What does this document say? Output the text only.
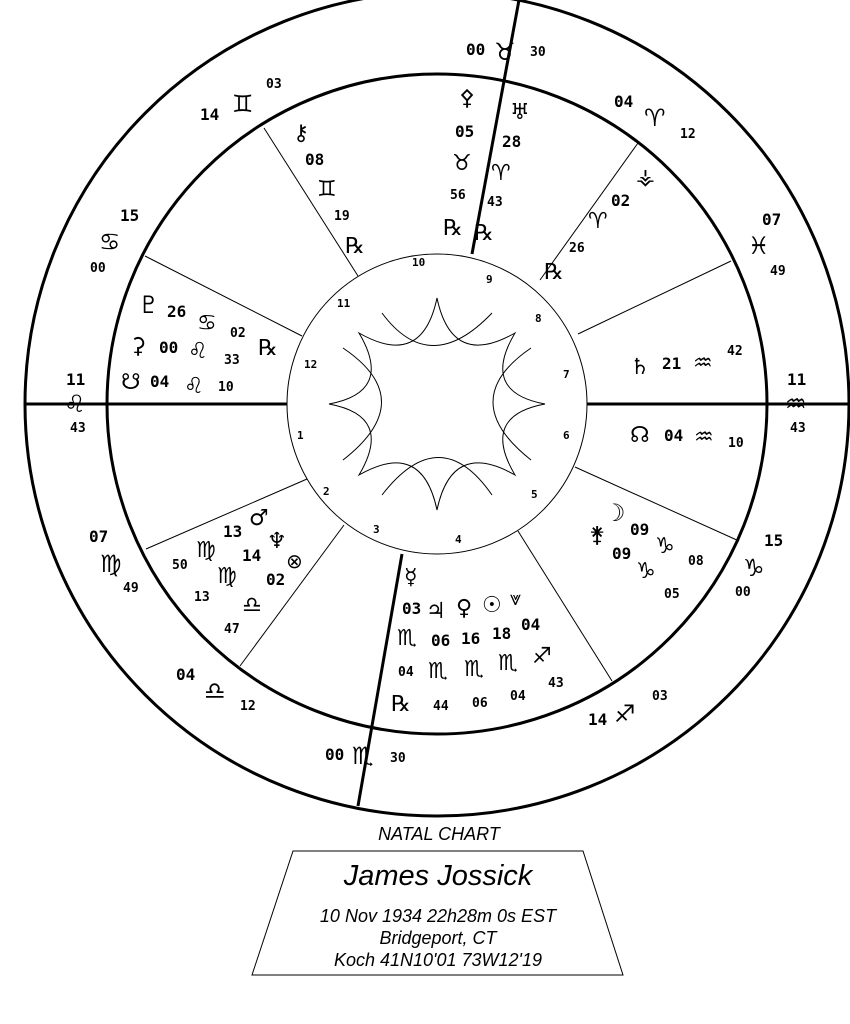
1
2
3
4
5
6
7
8
9
10
11
12
11
♌
43
07
♍
49
04
♎
12
00 ♏ 30
14 ♐
03
15
♑
00
11
♒
43
07
♓
49
04
♈
12
00 ♉ 30
14 ♊
03
15
♋
00
♇ 26 ♋ 02
℞
⚳ 00 ♌ 33
☋ 04 ♌ 10
13
♂
♍
50
♆
14
♍
13
⊗
02
♎
47
☿
03
♏
04
℞
♃
06
♏
44
♀
16
♏
06
☉
18
♏
04
⩔
04
♐
43
☽
09
♑
08
⚵
09
♑
05
☊ 04 ♒ 10
♄ 21 ♒ 42
⚶
02
♈
26
℞
♅
28
♈
43
℞
⚴
05
♉
56
℞
⚷
08
♊
19
℞
NATAL CHART
James Jossick
10 Nov 1934 22h28m 0s EST
Bridgeport, CT
Koch 41N10'01 73W12'19
